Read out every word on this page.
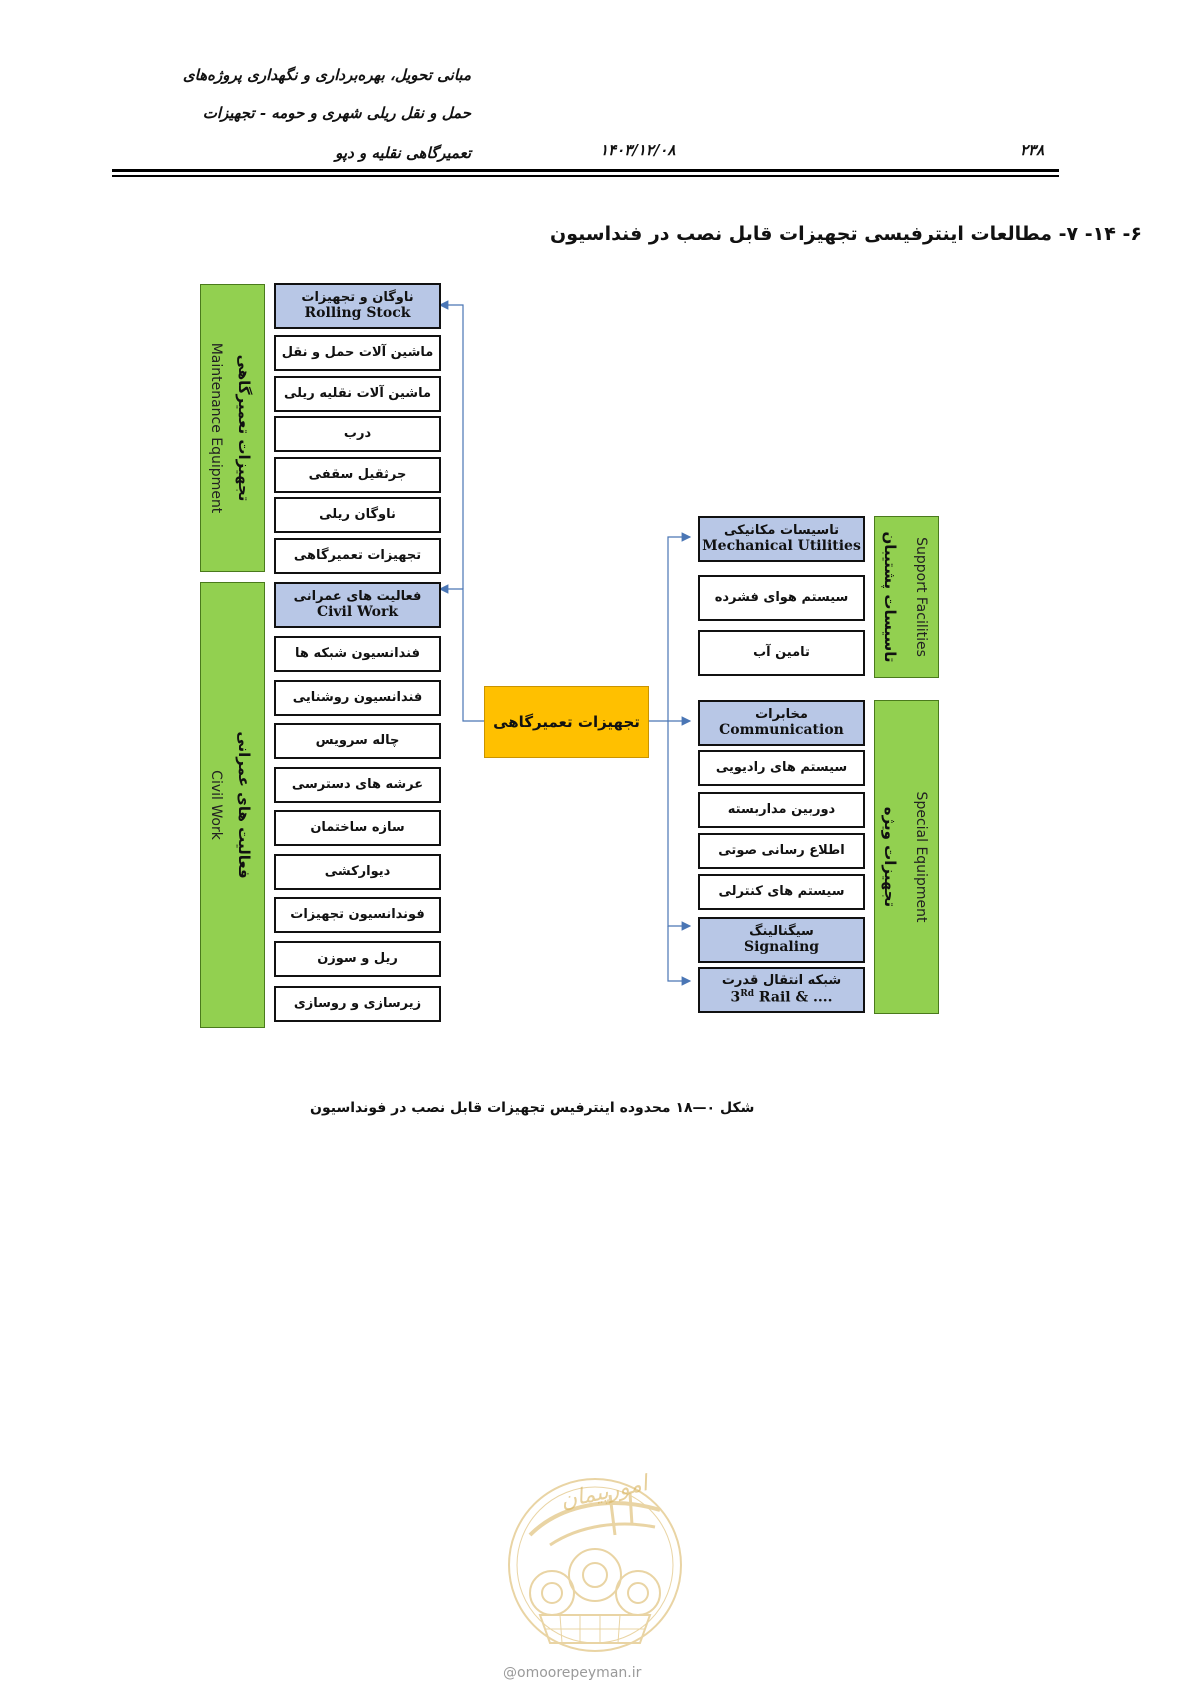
مبانی تحویل، بهره‌برداری و نگهداری پروژه‌های
حمل و نقل ریلی شهری و حومه - تجهیزات
تعمیرگاهی نقلیه و دپو	۱۴۰۳/۱۲/۰۸	۲۳۸
۶- ۱۴- ۷- مطالعات اینترفیسی تجهیزات قابل نصب در فنداسیون
تجهیزات تعمیرگاهی
Maintenance Equipment
فعالیت های عمرانی
Civil Work
ناوگان و تجهیزات
Rolling Stock
ماشین آلات حمل و نقل
ماشین آلات نقلیه ریلی
درب
جرثقیل سقفی
ناوگان ریلی
تجهیزات تعمیرگاهی
فعالیت های عمرانی
Civil Work
فندانسیون شبکه ها
فندانسیون روشنایی
چاله سرویس
عرشه های دسترسی
سازه ساختمان
دیوارکشی
فوندانسیون تجهیزات
ریل و سوزن
زیرسازی و روسازی
تجهیزات تعمیرگاهی
تاسیسات مکانیکی
Mechanical Utilities
سیستم هوای فشرده
تامین آب
مخابرات
Communication
سیستم های رادیویی
دوربین مداربسته
اطلاع رسانی صوتی
سیستم های کنترلی
سیگنالینگ
Signaling
شبکه انتقال قدرت
3Rd Rail & ....
تاسیسات پشتیبان Support Facilities
تجهیزات ویژه Special Equipment
شکل ۰—۱۸ محدوده اینترفیس تجهیزات قابل نصب در فونداسیون
امورپیمان
@omoorepeyman.ir
